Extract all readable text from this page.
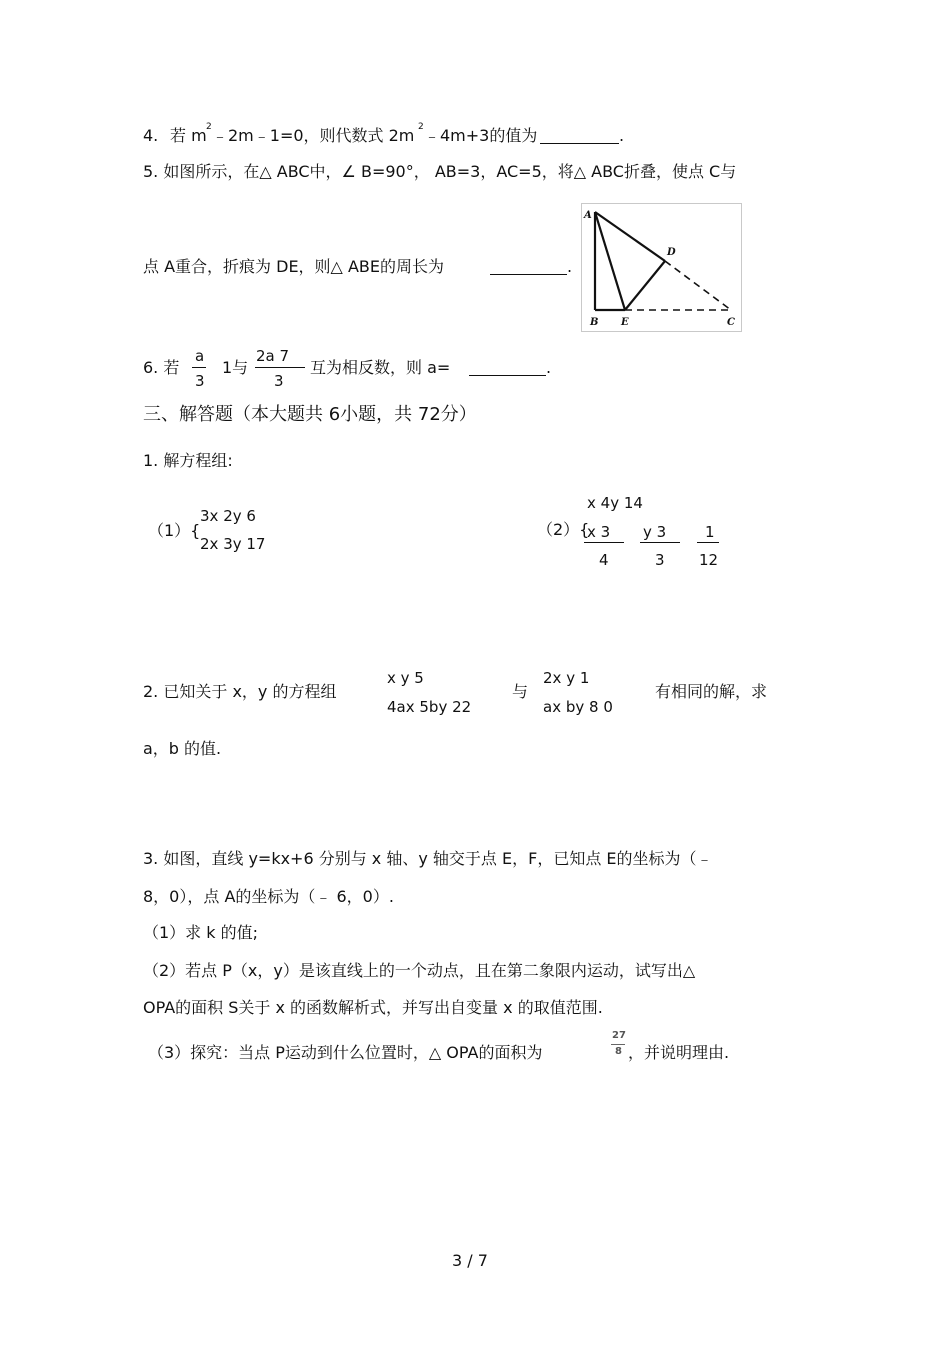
4. 若 m 2 ﹣2m﹣1=0，则代数式 2m 2 ﹣4m+3的值为	.
5. 如图所示，在△ ABC中，∠ B=90°， AB=3，AC=5，将△ ABC折叠，使点 C与
点 A重合，折痕为 DE，则△ ABE的周长为	.
A
B	C
D
E
6. 若
a
3
1与
2a 7
3
互为相反数，则 a=	.
三、解答题（本大题共 6小题，共 72分）
1. 解方程组:
（1）{
3x 2y 6
2x 3y 17
（2）{
x 4y 14
x 3
4
y 3
3
1
12
2. 已知关于 x，y 的方程组
x y 5
4ax 5by 22
与
2x y 1
ax by 8 0
有相同的解，求
a，b 的值.
3. 如图，直线 y=kx+6 分别与 x 轴、y 轴交于点 E，F，已知点 E的坐标为（﹣
8，0），点 A的坐标为（﹣ 6，0）.
（1）求 k 的值;
（2）若点 P（x，y）是该直线上的一个动点，且在第二象限内运动，试写出△
OPA的面积 S关于 x 的函数解析式，并写出自变量 x 的取值范围.
（3）探究：当点 P运动到什么位置时，△ OPA的面积为
27
8 ，并说明理由.
3 / 7
